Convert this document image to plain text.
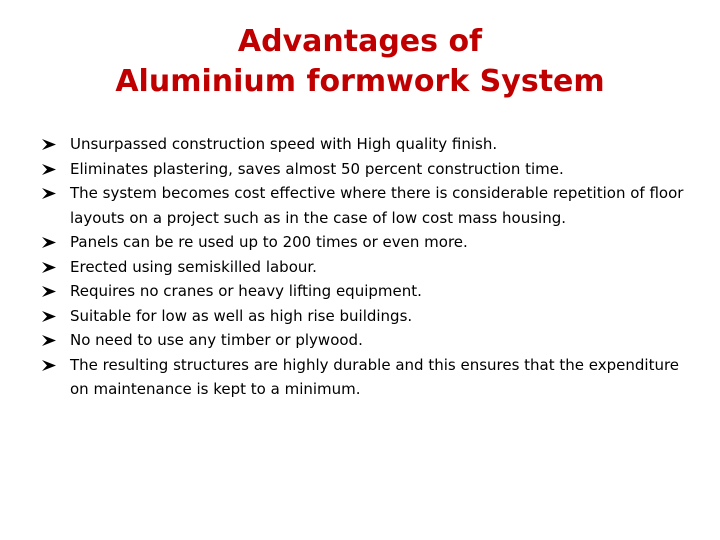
Advantages of
Aluminium formwork System
Unsurpassed construction speed with High quality finish.
Eliminates plastering, saves almost 50 percent construction time.
The system becomes cost effective where there is considerable repetition of floor layouts on a project such as in the case of low cost mass housing.
Panels can be re used up to 200 times or even more.
Erected using semiskilled labour.
Requires no cranes or heavy lifting equipment.
Suitable for low as well as high rise buildings.
No need to use any timber or plywood.
The resulting structures are highly durable and this ensures that the expenditure on maintenance is kept to a minimum.
